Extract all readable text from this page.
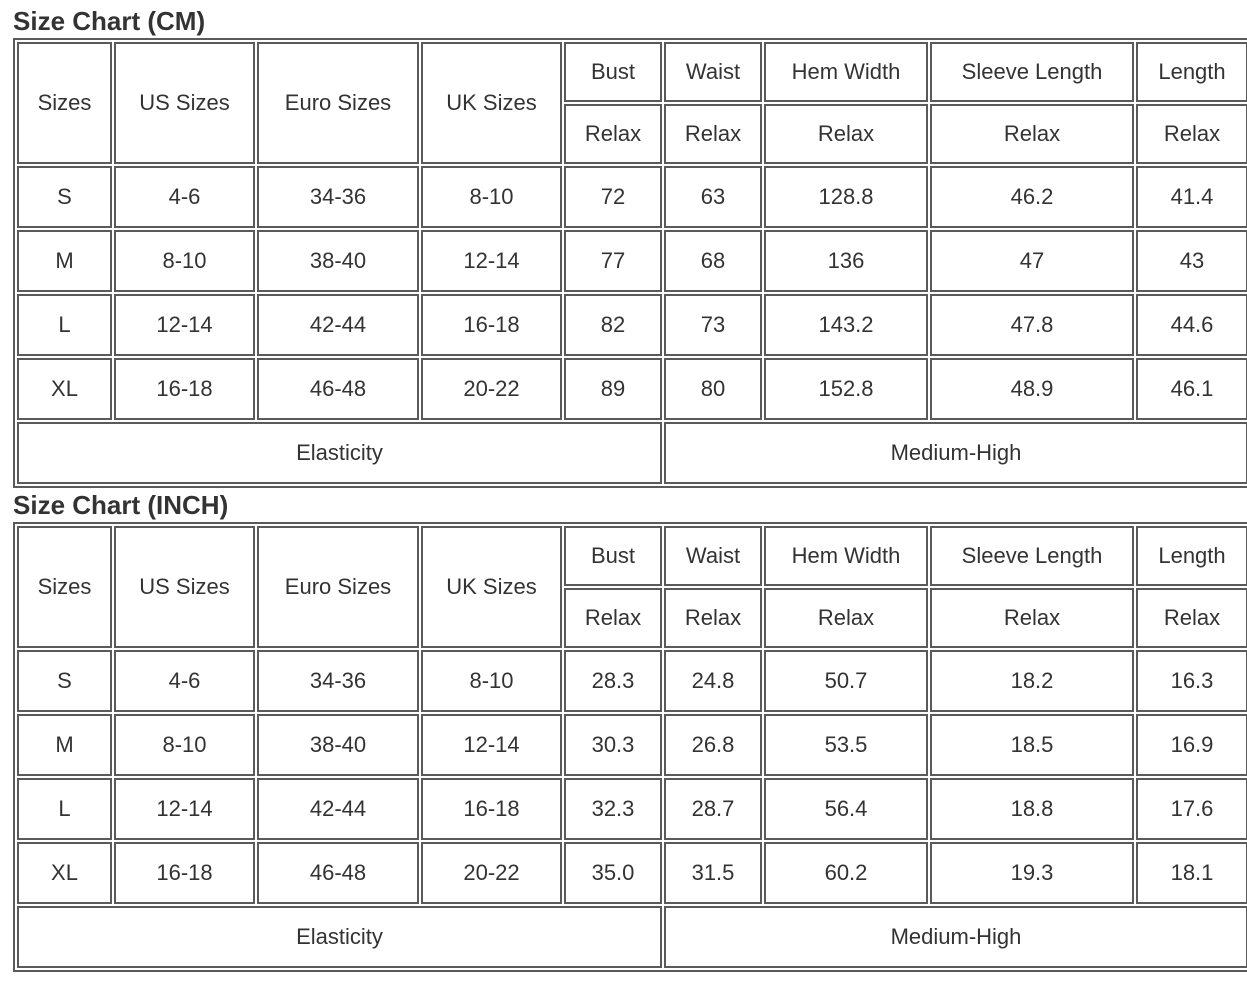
Size Chart (CM)
Sizes	US Sizes	Euro Sizes	UK Sizes	Bust	Waist	Hem Width	Sleeve Length	Length
				Relax	Relax	Relax	Relax	Relax
S	4-6	34-36	8-10	72	63	128.8	46.2	41.4
M	8-10	38-40	12-14	77	68	136	47	43
L	12-14	42-44	16-18	82	73	143.2	47.8	44.6
XL	16-18	46-48	20-22	89	80	152.8	48.9	46.1
Elasticity					Medium-High			
Size Chart (INCH)
Sizes	US Sizes	Euro Sizes	UK Sizes	Bust	Waist	Hem Width	Sleeve Length	Length
				Relax	Relax	Relax	Relax	Relax
S	4-6	34-36	8-10	28.3	24.8	50.7	18.2	16.3
M	8-10	38-40	12-14	30.3	26.8	53.5	18.5	16.9
L	12-14	42-44	16-18	32.3	28.7	56.4	18.8	17.6
XL	16-18	46-48	20-22	35.0	31.5	60.2	19.3	18.1
Elasticity					Medium-High			
